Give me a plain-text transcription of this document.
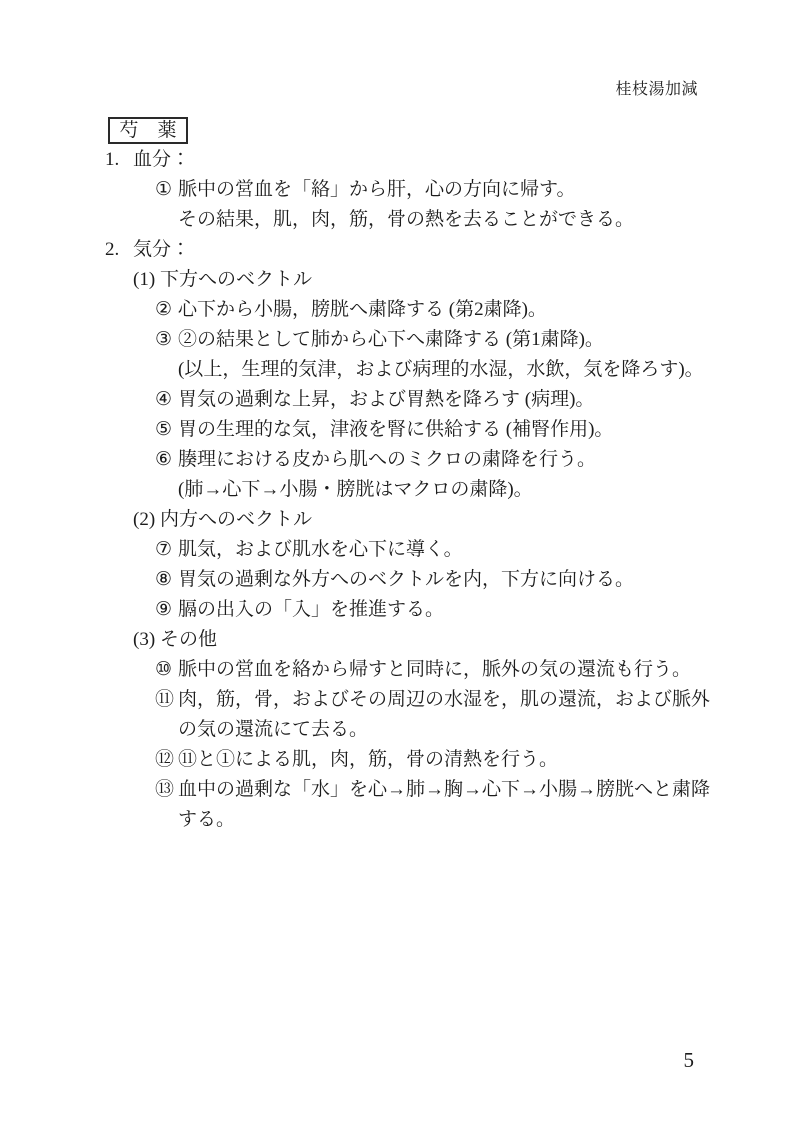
桂枝湯加減
芍　薬
1. 血分：
① 脈中の営血を「絡」から肝，心の方向に帰す。
その結果，肌，肉，筋，骨の熱を去ることができる。
2. 気分：
(1) 下方へのベクトル
② 心下から小腸，膀胱へ粛降する (第2粛降)。
③ ②の結果として肺から心下へ粛降する (第1粛降)。
(以上，生理的気津，および病理的水湿，水飲，気を降ろす)。
④ 胃気の過剰な上昇，および胃熱を降ろす (病理)。
⑤ 胃の生理的な気，津液を腎に供給する (補腎作用)。
⑥ 腠理における皮から肌へのミクロの粛降を行う。
(肺→心下→小腸・膀胱はマクロの粛降)。
(2) 内方へのベクトル
⑦ 肌気，および肌水を心下に導く。
⑧ 胃気の過剰な外方へのベクトルを内，下方に向ける。
⑨ 膈の出入の「入」を推進する。
(3) その他
⑩ 脈中の営血を絡から帰すと同時に，脈外の気の還流も行う。
⑪ 肉，筋，骨，およびその周辺の水湿を，肌の還流，および脈外
の気の還流にて去る。
⑫ ⑪と①による肌，肉，筋，骨の清熱を行う。
⑬ 血中の過剰な「水」を心→肺→胸→心下→小腸→膀胱へと粛降
する。
5
